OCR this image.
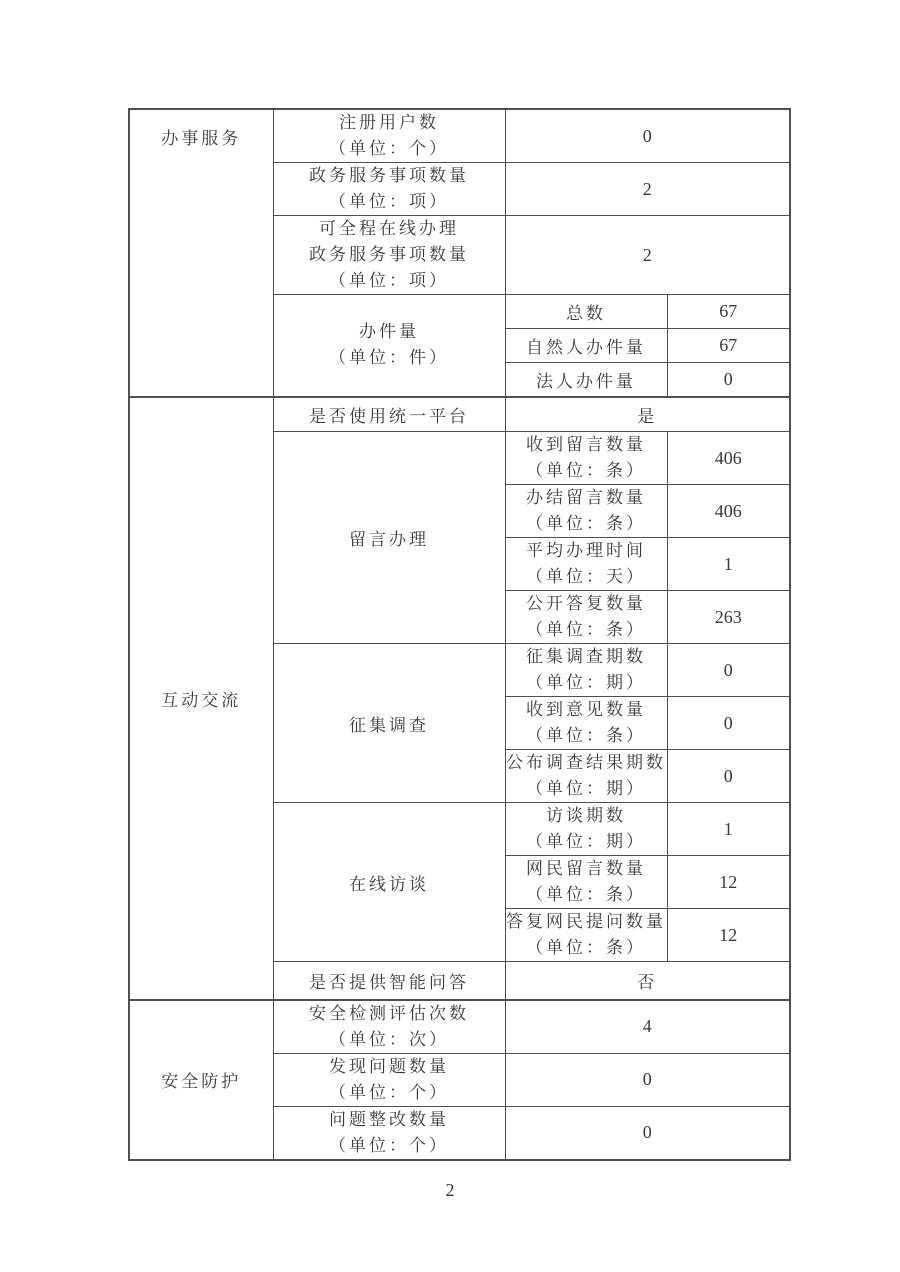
办事服务	注册用户数
（单位：个）	0	

	政务服务事项数量
（单位：项）	2	

	可全程在线办理
政务服务事项数量
（单位：项）	2	

	办件量
（单位：件）	总数	67
		自然人办件量	67
		法人办件量	0
互动交流	是否使用统一平台	是	
	留言办理	收到留言数量
（单位：条）	406

		办结留言数量
（单位：条）	406

		平均办理时间
（单位：天）	1

		公开答复数量
（单位：条）	263
	征集调查	征集调查期数
（单位：期）	0

		收到意见数量
（单位：条）	0

		公布调查结果期数
（单位：期）	0
	在线访谈	访谈期数
（单位：期）	1

		网民留言数量
（单位：条）	12

		答复网民提问数量
（单位：条）	12
	是否提供智能问答	否	
安全防护	安全检测评估次数
（单位：次）	4	

	发现问题数量
（单位：个）	0	

	问题整改数量
（单位：个）	0	
2
